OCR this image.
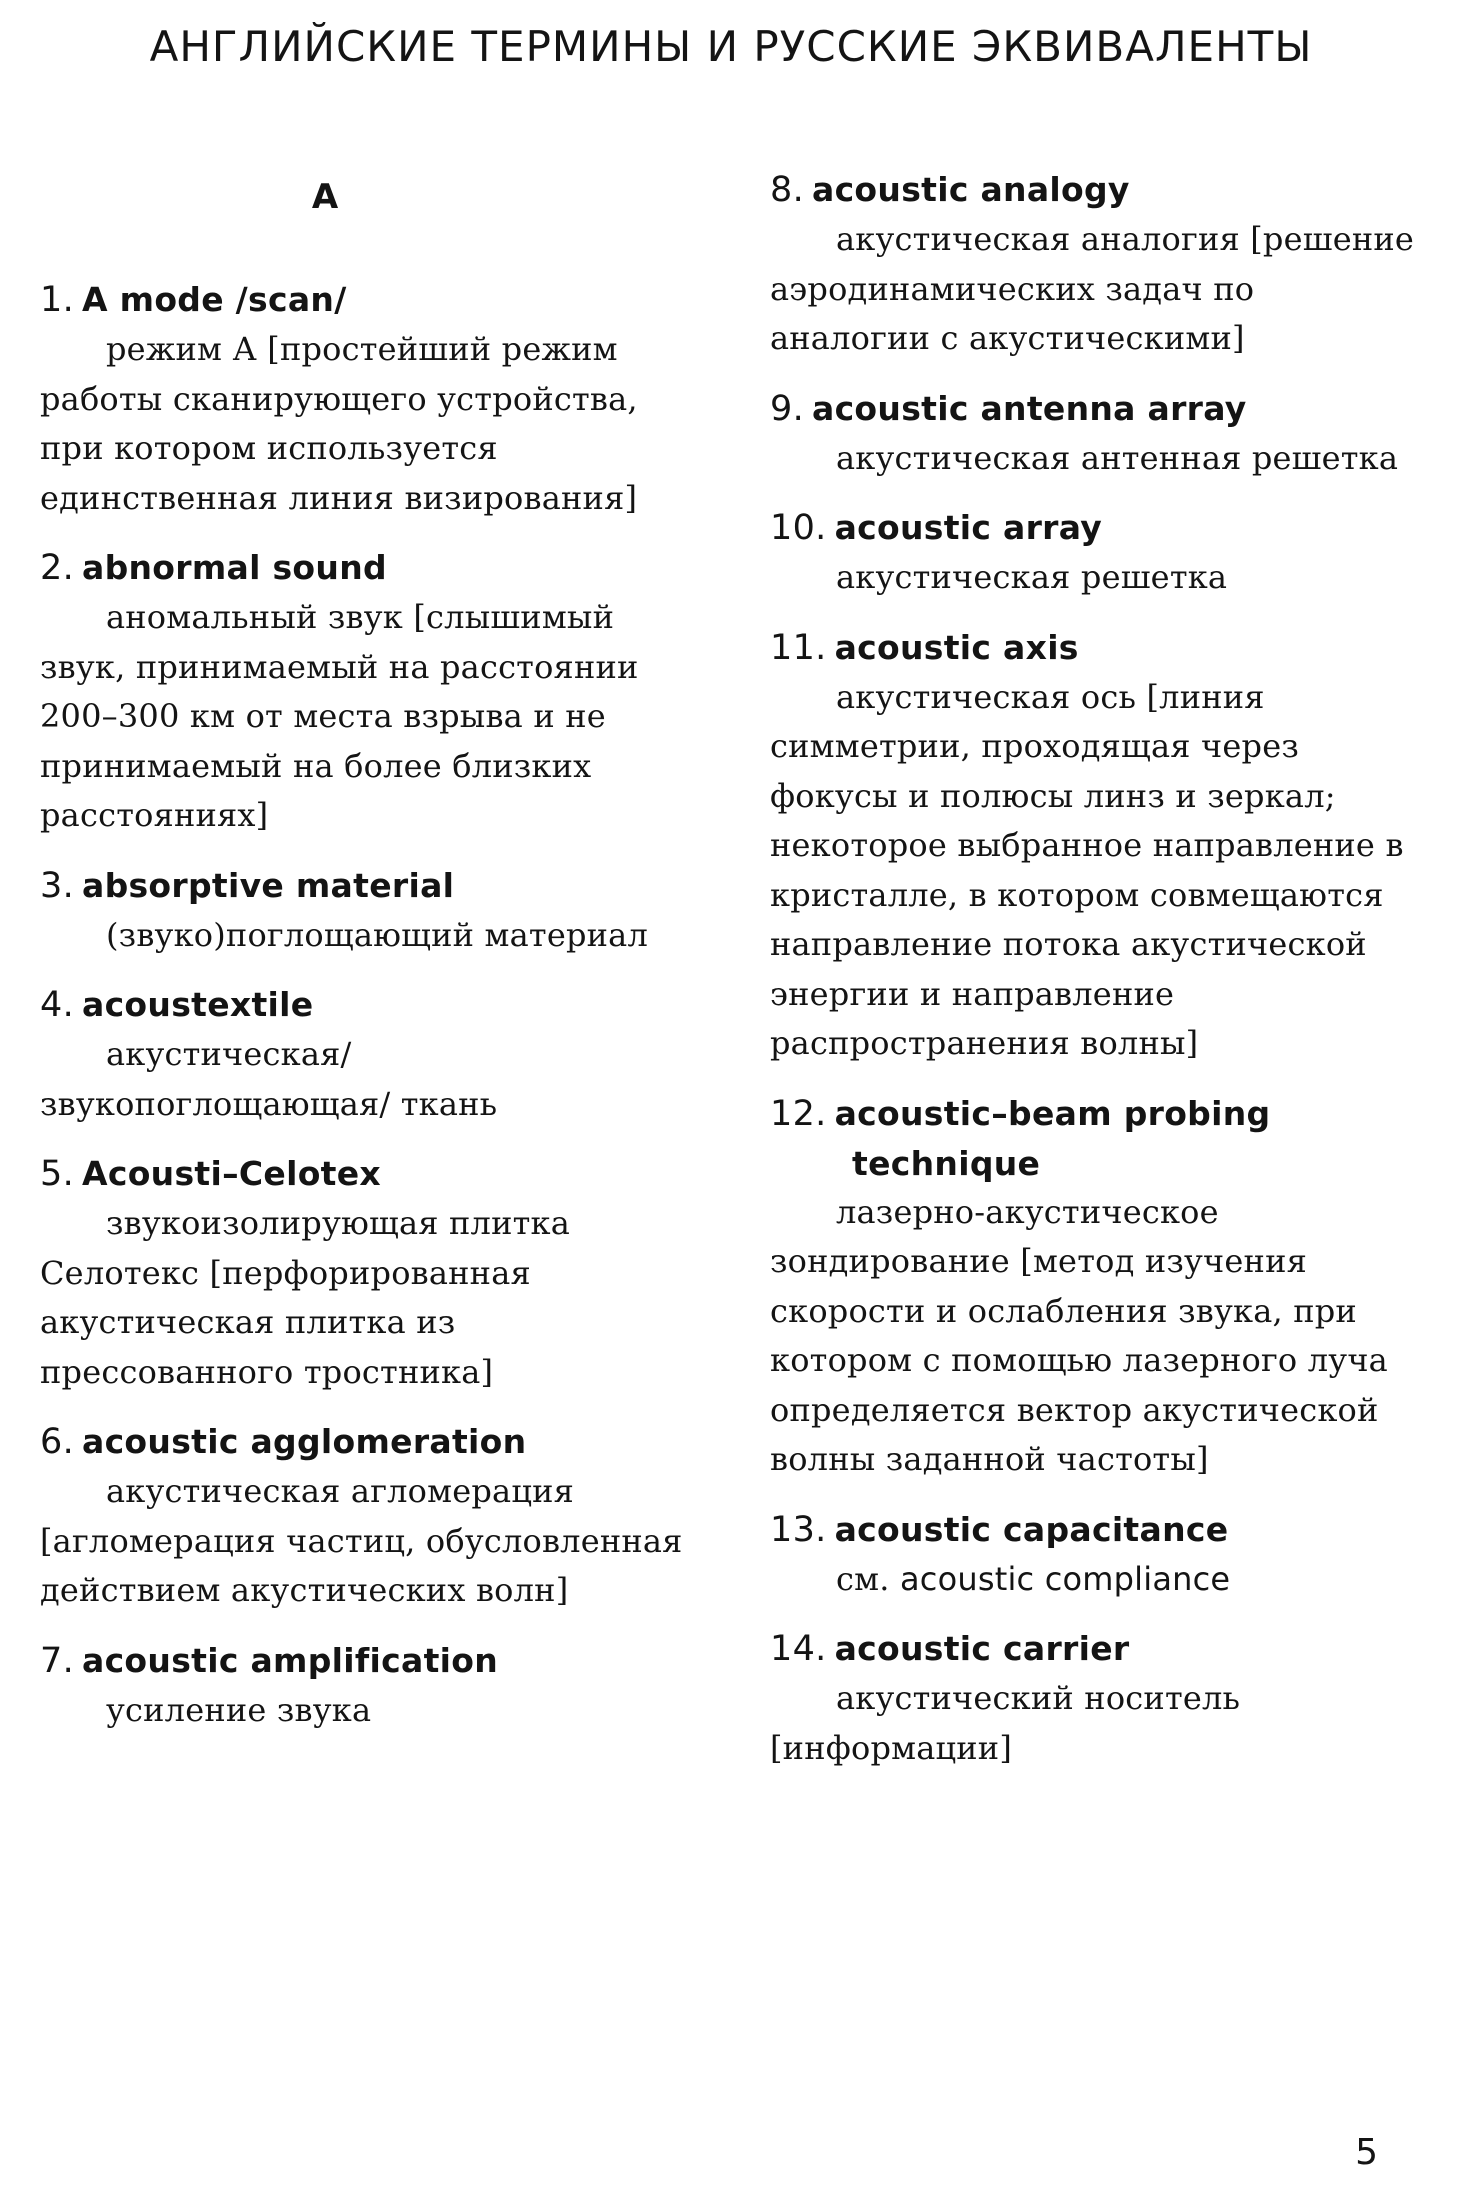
АНГЛИЙСКИЕ ТЕРМИНЫ И РУССКИЕ ЭКВИВАЛЕНТЫ
A
1. A mode /scan/
режим А [простейший режим работы сканирующего устройства, при котором используется единственная линия визирования]
2. abnormal sound
аномальный звук [слышимый звук, принимаемый на расстоянии 200–300 км от места взрыва и не принимаемый на более близких расстояниях]
3. absorptive material
(звуко)поглощающий материал
4. acoustextile
акустическая/звукопоглощающая/ ткань
5. Acousti–Celotex
звукоизолирующая плитка Селотекс [перфорированная акустическая плитка из прессованного тростника]
6. acoustic agglomeration
акустическая агломерация [агломерация частиц, обусловленная действием акустических волн]
7. acoustic amplification
усиление звука
8. acoustic analogy
акустическая аналогия [решение аэродинамических задач по аналогии с акустическими]
9. acoustic antenna array
акустическая антенная решетка
10. acoustic array
акустическая решетка
11. acoustic axis
акустическая ось [линия симметрии, проходящая через фокусы и полюсы линз и зеркал; некоторое выбранное направление в кристалле, в котором совмещаются направление потока акустической энергии и направление распространения волны]
12. acoustic–beam probing
technique
лазерно-акустическое зондирование [метод изучения скорости и ослабления звука, при котором с помощью лазерного луча определяется вектор акустической волны заданной частоты]
13. acoustic capacitance
см. acoustic compliance
14. acoustic carrier
акустический носитель [информации]
5
